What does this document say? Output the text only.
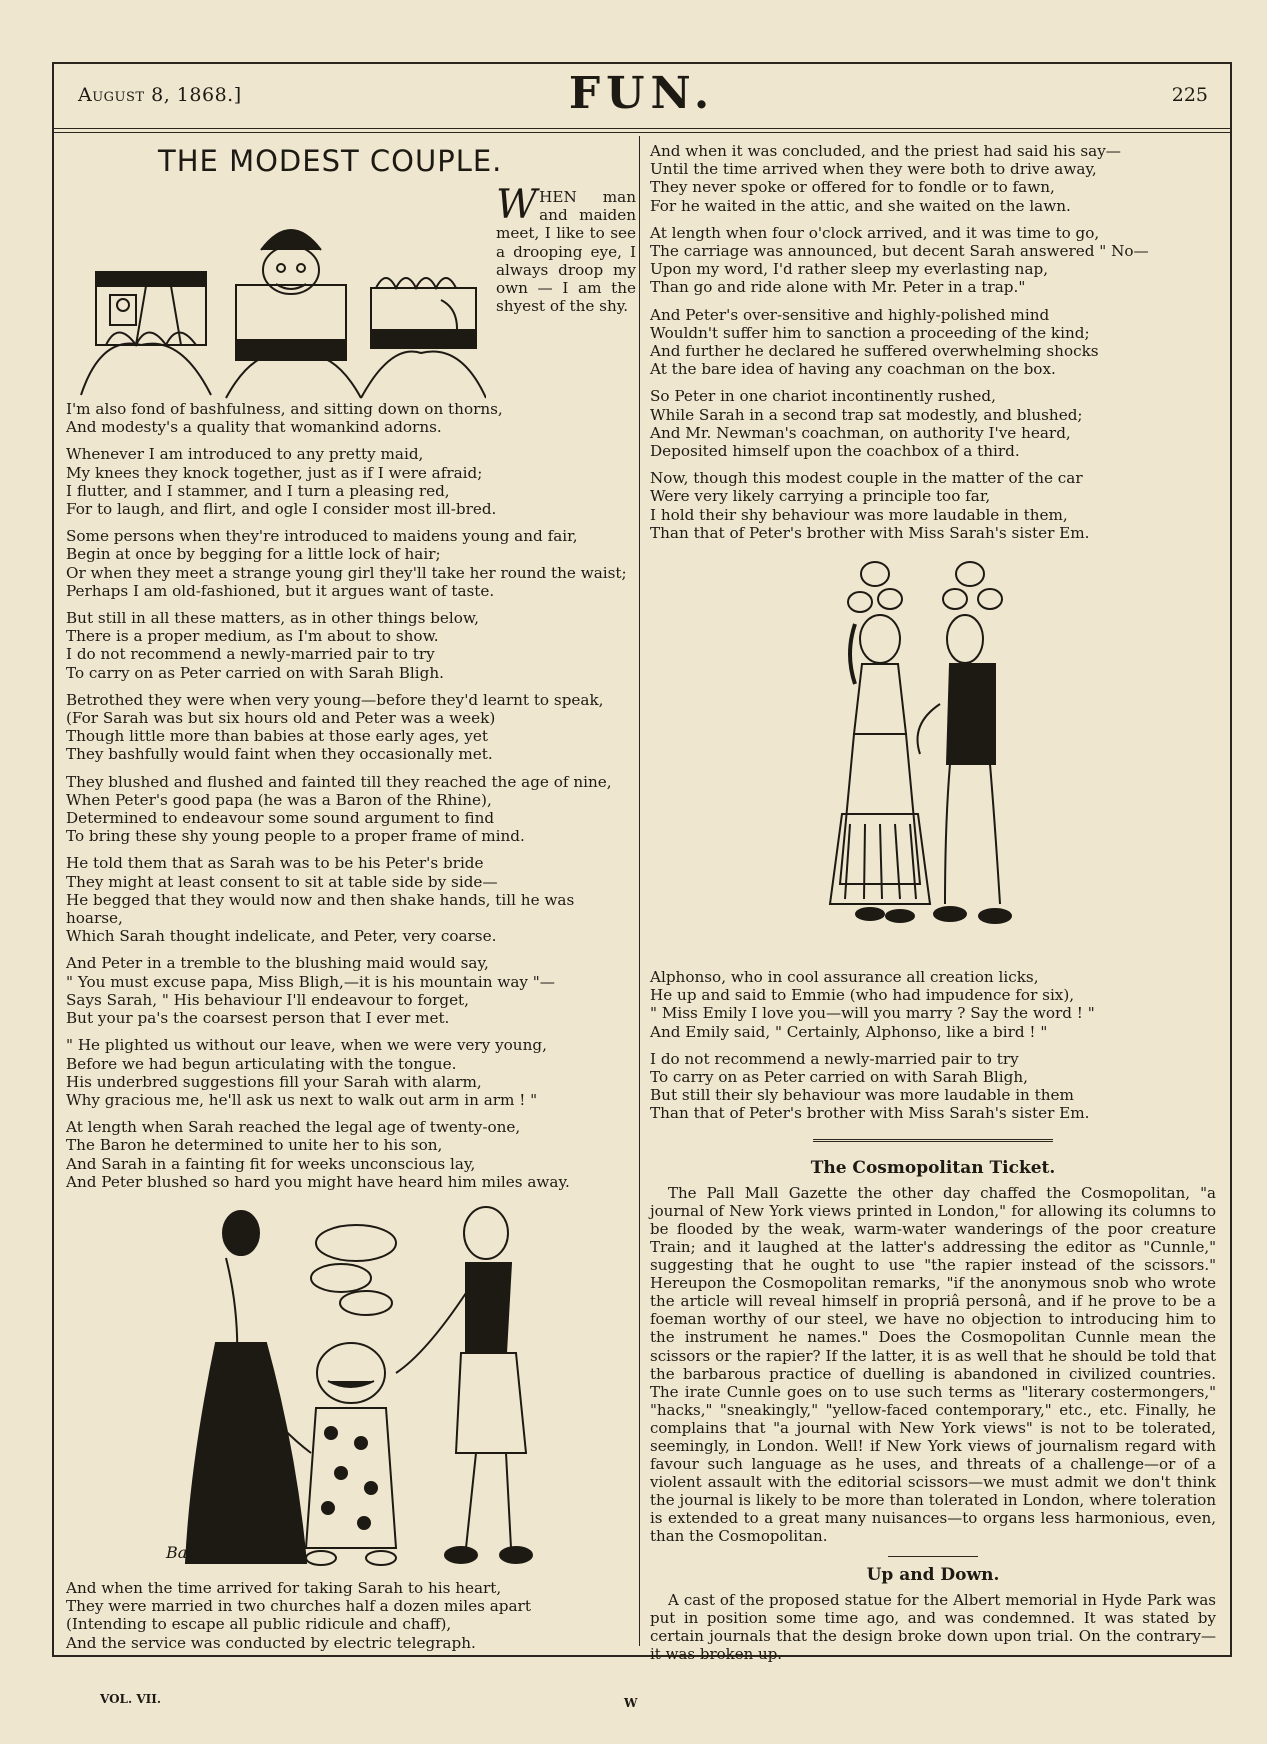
August 8, 1868.]	FUN.	225
THE MODEST COUPLE.
WHEN man and maiden meet, I like to see a drooping eye, I always droop my own — I am the shyest of the shy.
I'm also fond of bashfulness, and sitting down on thorns,
And modesty's a quality that womankind adorns.
Whenever I am introduced to any pretty maid,
My knees they knock together, just as if I were afraid;
I flutter, and I stammer, and I turn a pleasing red,
For to laugh, and flirt, and ogle I consider most ill-bred.
Some persons when they're introduced to maidens young and fair,
Begin at once by begging for a little lock of hair;
Or when they meet a strange young girl they'll take her round the waist;
Perhaps I am old-fashioned, but it argues want of taste.
But still in all these matters, as in other things below,
There is a proper medium, as I'm about to show.
I do not recommend a newly-married pair to try
To carry on as Peter carried on with Sarah Bligh.
Betrothed they were when very young—before they'd learnt to speak,
(For Sarah was but six hours old and Peter was a week)
Though little more than babies at those early ages, yet
They bashfully would faint when they occasionally met.
They blushed and flushed and fainted till they reached the age of nine,
When Peter's good papa (he was a Baron of the Rhine),
Determined to endeavour some sound argument to find
To bring these shy young people to a proper frame of mind.
He told them that as Sarah was to be his Peter's bride
They might at least consent to sit at table side by side—
He begged that they would now and then shake hands, till he was hoarse,
Which Sarah thought indelicate, and Peter, very coarse.
And Peter in a tremble to the blushing maid would say,
" You must excuse papa, Miss Bligh,—it is his mountain way "—
Says Sarah, " His behaviour I'll endeavour to forget,
But your pa's the coarsest person that I ever met.
" He plighted us without our leave, when we were very young,
Before we had begun articulating with the tongue.
His underbred suggestions fill your Sarah with alarm,
Why gracious me, he'll ask us next to walk out arm in arm ! "
At length when Sarah reached the legal age of twenty-one,
The Baron he determined to unite her to his son,
And Sarah in a fainting fit for weeks unconscious lay,
And Peter blushed so hard you might have heard him miles away.
Bab
And when the time arrived for taking Sarah to his heart,
They were married in two churches half a dozen miles apart
(Intending to escape all public ridicule and chaff),
And the service was conducted by electric telegraph.
And when it was concluded, and the priest had said his say—
Until the time arrived when they were both to drive away,
They never spoke or offered for to fondle or to fawn,
For he waited in the attic, and she waited on the lawn.
At length when four o'clock arrived, and it was time to go,
The carriage was announced, but decent Sarah answered " No—
Upon my word, I'd rather sleep my everlasting nap,
Than go and ride alone with Mr. Peter in a trap."
And Peter's over-sensitive and highly-polished mind
Wouldn't suffer him to sanction a proceeding of the kind;
And further he declared he suffered overwhelming shocks
At the bare idea of having any coachman on the box.
So Peter in one chariot incontinently rushed,
While Sarah in a second trap sat modestly, and blushed;
And Mr. Newman's coachman, on authority I've heard,
Deposited himself upon the coachbox of a third.
Now, though this modest couple in the matter of the car
Were very likely carrying a principle too far,
I hold their shy behaviour was more laudable in them,
Than that of Peter's brother with Miss Sarah's sister Em.
Alphonso, who in cool assurance all creation licks,
He up and said to Emmie (who had impudence for six),
" Miss Emily I love you—will you marry ? Say the word ! "
And Emily said, " Certainly, Alphonso, like a bird ! "
I do not recommend a newly-married pair to try
To carry on as Peter carried on with Sarah Bligh,
But still their sly behaviour was more laudable in them
Than that of Peter's brother with Miss Sarah's sister Em.
The Cosmopolitan Ticket.
The Pall Mall Gazette the other day chaffed the Cosmopolitan, "a journal of New York views printed in London," for allowing its columns to be flooded by the weak, warm-water wanderings of the poor creature Train; and it laughed at the latter's addressing the editor as "Cunnle," suggesting that he ought to use "the rapier instead of the scissors." Hereupon the Cosmopolitan remarks, "if the anonymous snob who wrote the article will reveal himself in propriâ personâ, and if he prove to be a foeman worthy of our steel, we have no objection to introducing him to the instrument he names." Does the Cosmopolitan Cunnle mean the scissors or the rapier? If the latter, it is as well that he should be told that the barbarous practice of duelling is abandoned in civilized countries. The irate Cunnle goes on to use such terms as "literary costermongers," "hacks," "sneakingly," "yellow-faced contemporary," etc., etc. Finally, he complains that "a journal with New York views" is not to be tolerated, seemingly, in London. Well! if New York views of journalism regard with favour such language as he uses, and threats of a challenge—or of a violent assault with the editorial scissors—we must admit we don't think the journal is likely to be more than tolerated in London, where toleration is extended to a great many nuisances—to organs less harmonious, even, than the Cosmopolitan.
Up and Down.
A cast of the proposed statue for the Albert memorial in Hyde Park was put in position some time ago, and was condemned. It was stated by certain journals that the design broke down upon trial. On the contrary—it was broken up.
VOL. VII.	W
